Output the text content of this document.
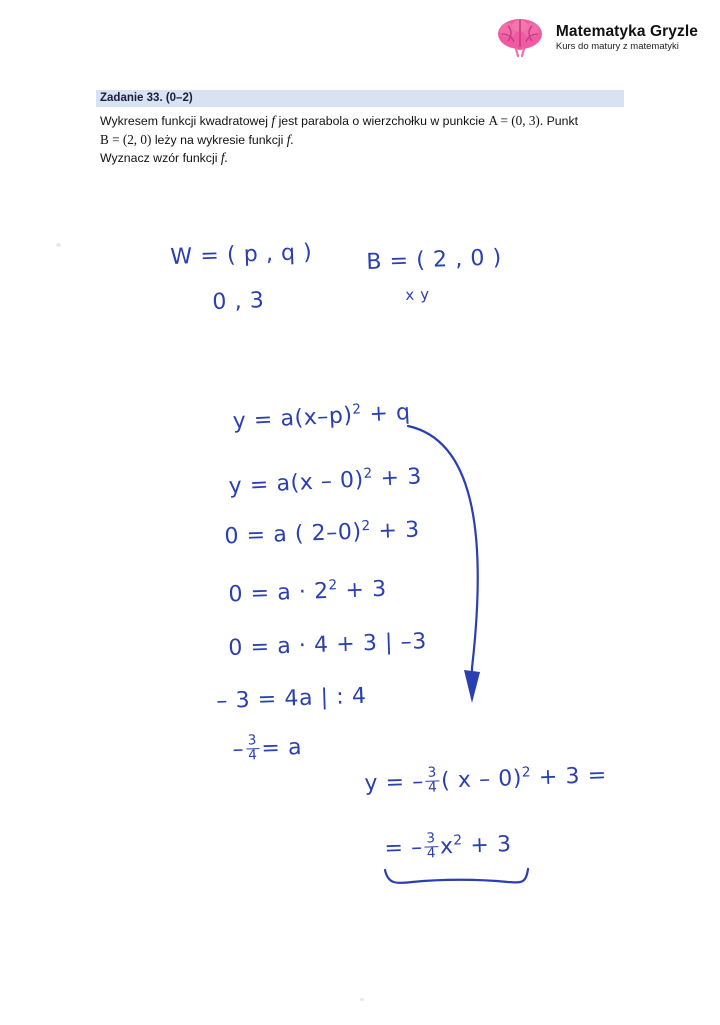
Matematyka Gryzle
Kurs do matury z matematyki
Zadanie 33. (0–2)
Wykresem funkcji kwadratowej f jest parabola o wierzchołku w punkcie A = (0, 3). Punkt
B = (2, 0) leży na wykresie funkcji f.
Wyznacz wzór funkcji f.
W = ( p , q )
0 , 3
B = ( 2 , 0 )
x y
$y = a(x-p)^2 + q$
y = a(x – 0)$^2$ + 3
0 = a ( 2–0)$^2$ + 3
$0 = a \cdot 2^2 + 3$
0 = a · 4 + 3 | –3
– 3 = 4a | : 4
– $\frac{3}{4} = a$
y = – $\frac{3}{4}$ ( x – 0)$^2$ + 3 =
= – $\frac{3}{4} x^2 + 3$
